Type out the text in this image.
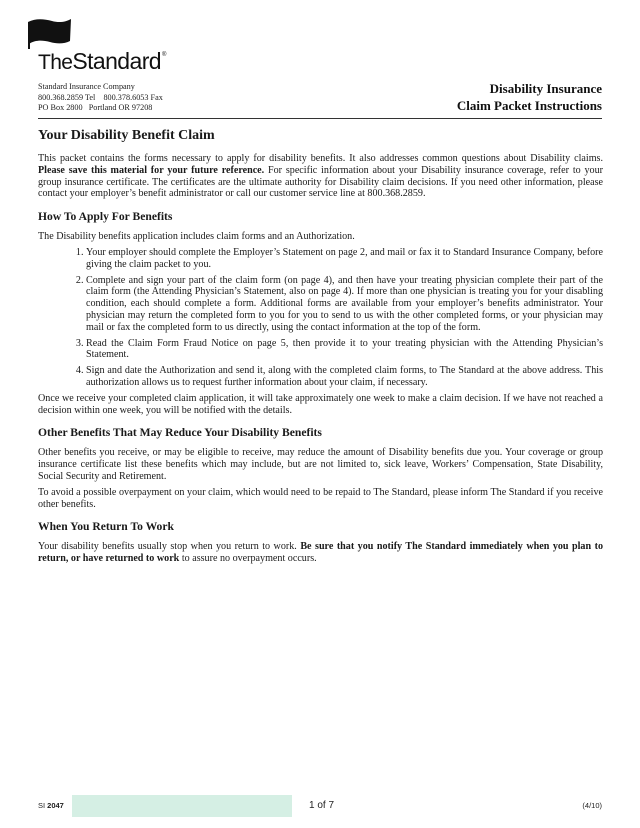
TheStandard®
Standard Insurance Company
800.368.2859 Tel    800.378.6053 Fax
PO Box 2800   Portland OR 97208
Disability Insurance
Claim Packet Instructions
Your Disability Benefit Claim

This packet contains the forms necessary to apply for disability benefits. It also addresses common questions about Disability claims. Please save this material for your future reference. For specific information about your Disability insurance coverage, refer to your group insurance certificate. The certificates are the ultimate authority for Disability claim decisions. If you need other information, please contact your employer’s benefit administrator or call our customer service line at 800.368.2859.

How To Apply For Benefits

The Disability benefits application includes claim forms and an Authorization.

1. Your employer should complete the Employer’s Statement on page 2, and mail or fax it to Standard Insurance Company, before giving the claim packet to you.
2. Complete and sign your part of the claim form (on page 4), and then have your treating physician complete their part of the claim form (the Attending Physician’s Statement, also on page 4). If more than one physician is treating you for your disabling condition, each should complete a form. Additional forms are available from your employer’s benefits administrator. Your physician may return the completed form to you for you to send to us with the other completed forms, or your physician may mail or fax the completed form to us directly, using the contact information at the top of the form.
3. Read the Claim Form Fraud Notice on page 5, then provide it to your treating physician with the Attending Physician’s Statement.
4. Sign and date the Authorization and send it, along with the completed claim forms, to The Standard at the above address. This authorization allows us to request further information about your claim, if necessary.

Once we receive your completed claim application, it will take approximately one week to make a claim decision. If we have not reached a decision within one week, you will be notified with the details.

Other Benefits That May Reduce Your Disability Benefits

Other benefits you receive, or may be eligible to receive, may reduce the amount of Disability benefits due you. Your coverage or group insurance certificate list these benefits which may include, but are not limited to, sick leave, Workers’ Compensation, State Disability, Social Security and Retirement.

To avoid a possible overpayment on your claim, which would need to be repaid to The Standard, please inform The Standard if you receive other benefits.

When You Return To Work

Your disability benefits usually stop when you return to work. Be sure that you notify The Standard immediately when you plan to return, or have returned to work to assure no overpayment occurs.

SI 2047	1 of 7	(4/10)
